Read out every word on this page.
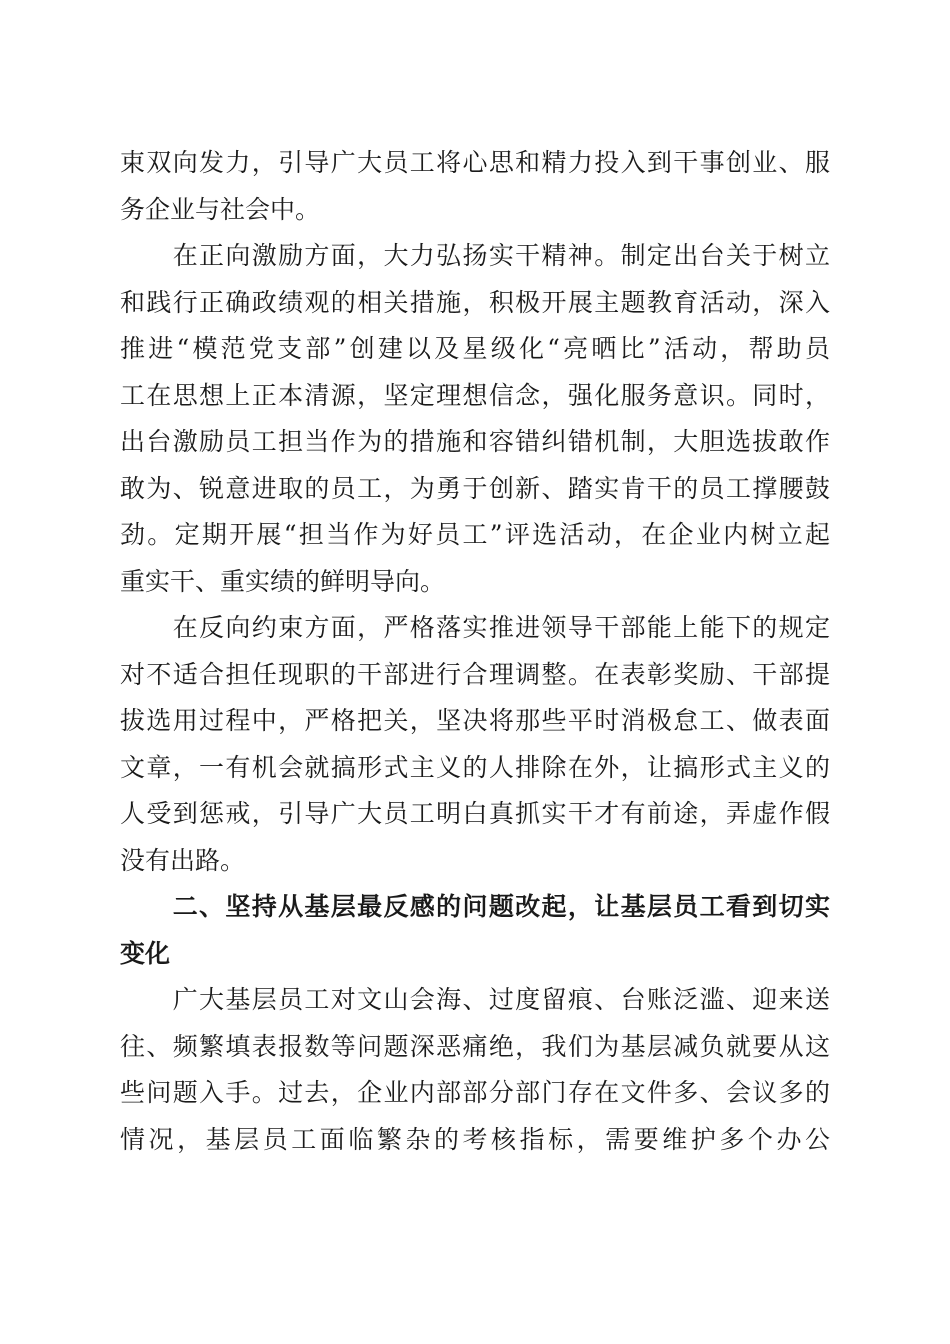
束双向发力，引导广大员工将心思和精力投入到干事创业、服
务企业与社会中。
　　在正向激励方面，大力弘扬实干精神。制定出台关于树立
和践行正确政绩观的相关措施，积极开展主题教育活动，深入
推进“模范党支部”创建以及星级化“亮晒比”活动，帮助员
工在思想上正本清源，坚定理想信念，强化服务意识。同时，
出台激励员工担当作为的措施和容错纠错机制，大胆选拔敢作
敢为、锐意进取的员工，为勇于创新、踏实肯干的员工撑腰鼓
劲。定期开展“担当作为好员工”评选活动，在企业内树立起
重实干、重实绩的鲜明导向。
　　在反向约束方面，严格落实推进领导干部能上能下的规定
对不适合担任现职的干部进行合理调整。在表彰奖励、干部提
拔选用过程中，严格把关，坚决将那些平时消极怠工、做表面
文章，一有机会就搞形式主义的人排除在外，让搞形式主义的
人受到惩戒，引导广大员工明白真抓实干才有前途，弄虚作假
没有出路。
　　二、坚持从基层最反感的问题改起，让基层员工看到切实
变化
　　广大基层员工对文山会海、过度留痕、台账泛滥、迎来送
往、频繁填表报数等问题深恶痛绝，我们为基层减负就要从这
些问题入手。过去，企业内部部分部门存在文件多、会议多的
情况，基层员工面临繁杂的考核指标，需要维护多个办公
